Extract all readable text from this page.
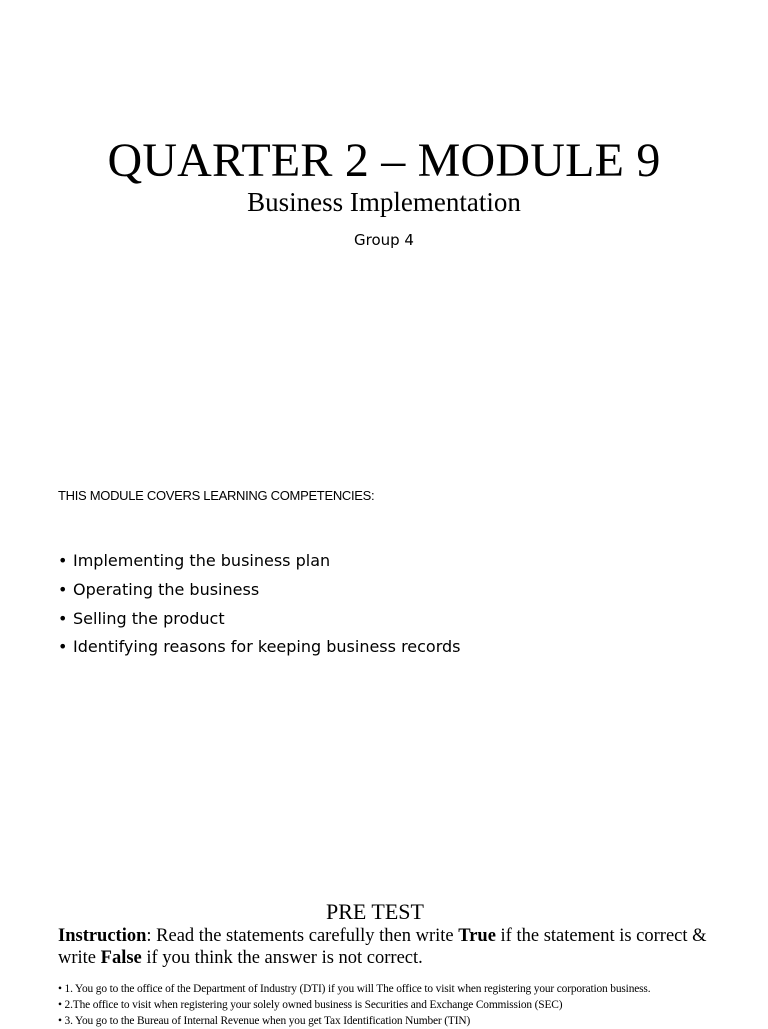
QUARTER 2 – MODULE 9
Business Implementation
Group 4
THIS MODULE COVERS LEARNING COMPETENCIES:
• Implementing the business plan
• Operating the business
• Selling the product
• Identifying reasons for keeping business records
PRE TEST
Instruction: Read the statements carefully then write True if the statement is correct & write False if you think the answer is not correct.
• 1. You go to the office of the Department of Industry (DTI) if you will The office to visit when registering your corporation business.
• 2.The office to visit when registering your solely owned business is Securities and Exchange Commission (SEC)
• 3. You go to the Bureau of Internal Revenue when you get Tax Identification Number (TIN)
